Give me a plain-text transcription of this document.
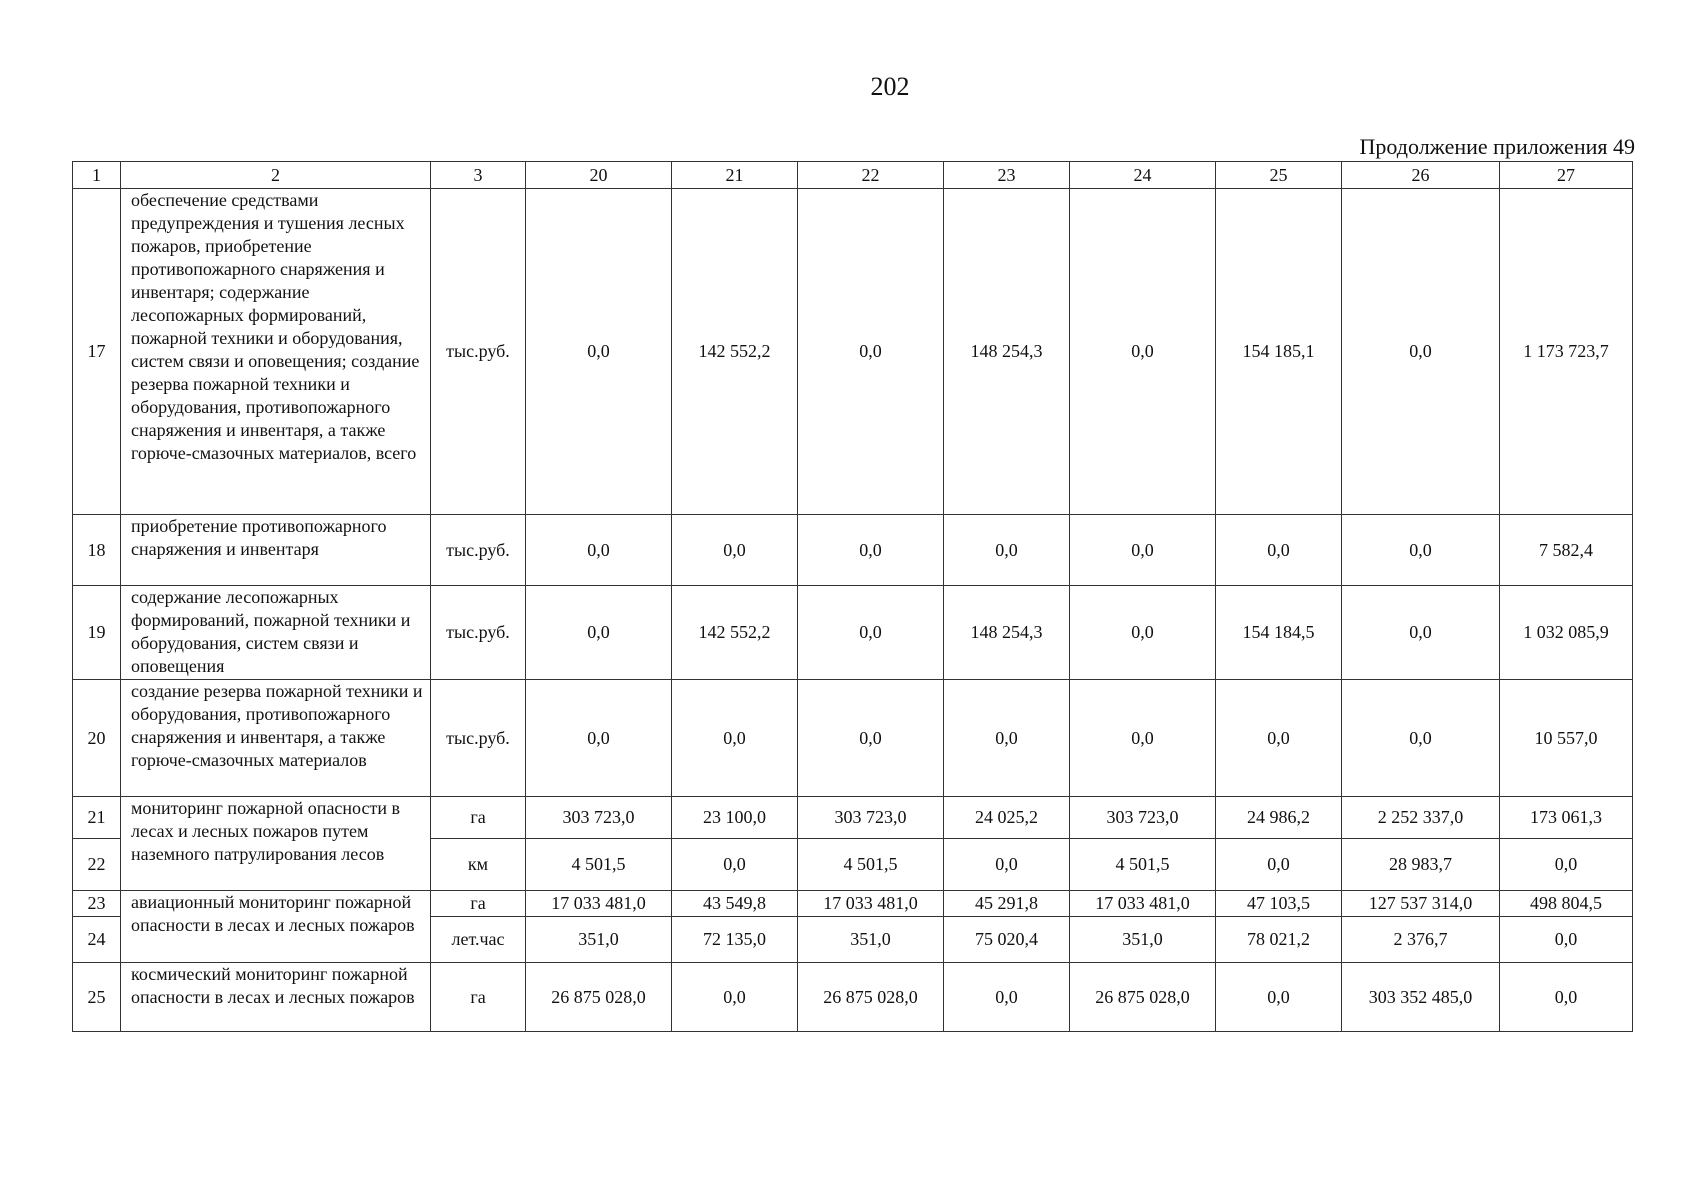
202
Продолжение приложения 49
1	2	3	20	21	22	23	24	25	26	27
17	обеспечение средствами предупреждения и тушения лесных пожаров, приобретение противопожарного снаряжения и инвентаря; содержание лесопожарных формирований, пожарной техники и оборудования, систем связи и оповещения; создание резерва пожарной техники и оборудования, противопожарного снаряжения и инвентаря, а также горюче-смазочных материалов, всего	тыс.руб.	0,0	142 552,2	0,0	148 254,3	0,0	154 185,1	0,0	1 173 723,7
18	приобретение противопожарного снаряжения и инвентаря	тыс.руб.	0,0	0,0	0,0	0,0	0,0	0,0	0,0	7 582,4
19	содержание лесопожарных формирований, пожарной техники и оборудования, систем связи и оповещения	тыс.руб.	0,0	142 552,2	0,0	148 254,3	0,0	154 184,5	0,0	1 032 085,9
20	создание резерва пожарной техники и оборудования, противопожарного снаряжения и инвентаря, а также горюче-смазочных материалов	тыс.руб.	0,0	0,0	0,0	0,0	0,0	0,0	0,0	10 557,0
21	мониторинг пожарной опасности в лесах и лесных пожаров путем наземного патрулирования лесов	га	303 723,0	23 100,0	303 723,0	24 025,2	303 723,0	24 986,2	2 252 337,0	173 061,3
22		км	4 501,5	0,0	4 501,5	0,0	4 501,5	0,0	28 983,7	0,0
23	авиационный мониторинг пожарной опасности в лесах и лесных пожаров	га	17 033 481,0	43 549,8	17 033 481,0	45 291,8	17 033 481,0	47 103,5	127 537 314,0	498 804,5
24		лет.час	351,0	72 135,0	351,0	75 020,4	351,0	78 021,2	2 376,7	0,0
25	космический мониторинг пожарной опасности в лесах и лесных пожаров	га	26 875 028,0	0,0	26 875 028,0	0,0	26 875 028,0	0,0	303 352 485,0	0,0
